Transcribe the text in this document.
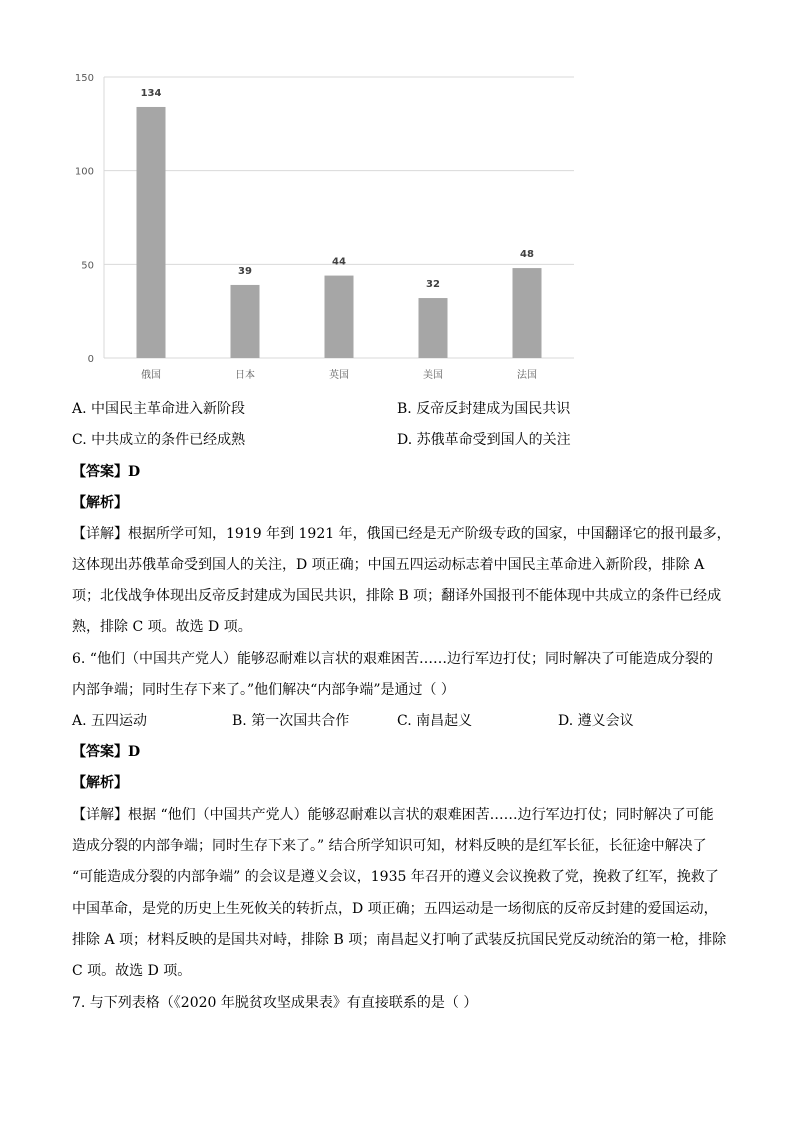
0
50
100
150
134
39
44
32
48
俄国	日本	英国	美国	法国
A. 中国民主革命进入新阶段	B. 反帝反封建成为国民共识
C. 中共成立的条件已经成熟	D. 苏俄革命受到国人的关注
【答案】D
【解析】
【详解】根据所学可知，1919 年到 1921 年，俄国已经是无产阶级专政的国家，中国翻译它的报刊最多，
这体现出苏俄革命受到国人的关注，D 项正确；中国五四运动标志着中国民主革命进入新阶段，排除 A
项；北伐战争体现出反帝反封建成为国民共识，排除 B 项；翻译外国报刊不能体现中共成立的条件已经成
熟，排除 C 项。故选 D 项。
6. “他们（中国共产党人）能够忍耐难以言状的艰难困苦……边行军边打仗；同时解决了可能造成分裂的
内部争端；同时生存下来了。”他们解决“内部争端”是通过（ ）
A. 五四运动	B. 第一次国共合作	C. 南昌起义	D. 遵义会议
【答案】D
【解析】
【详解】根据 “他们（中国共产党人）能够忍耐难以言状的艰难困苦……边行军边打仗；同时解决了可能
造成分裂的内部争端；同时生存下来了。” 结合所学知识可知，材料反映的是红军长征，长征途中解决了
“可能造成分裂的内部争端” 的会议是遵义会议，1935 年召开的遵义会议挽救了党，挽救了红军，挽救了
中国革命，是党的历史上生死攸关的转折点，D 项正确；五四运动是一场彻底的反帝反封建的爱国运动，
排除 A 项；材料反映的是国共对峙，排除 B 项；南昌起义打响了武装反抗国民党反动统治的第一枪，排除
C 项。故选 D 项。
7. 与下列表格（《2020 年脱贫攻坚成果表》有直接联系的是（ ）
